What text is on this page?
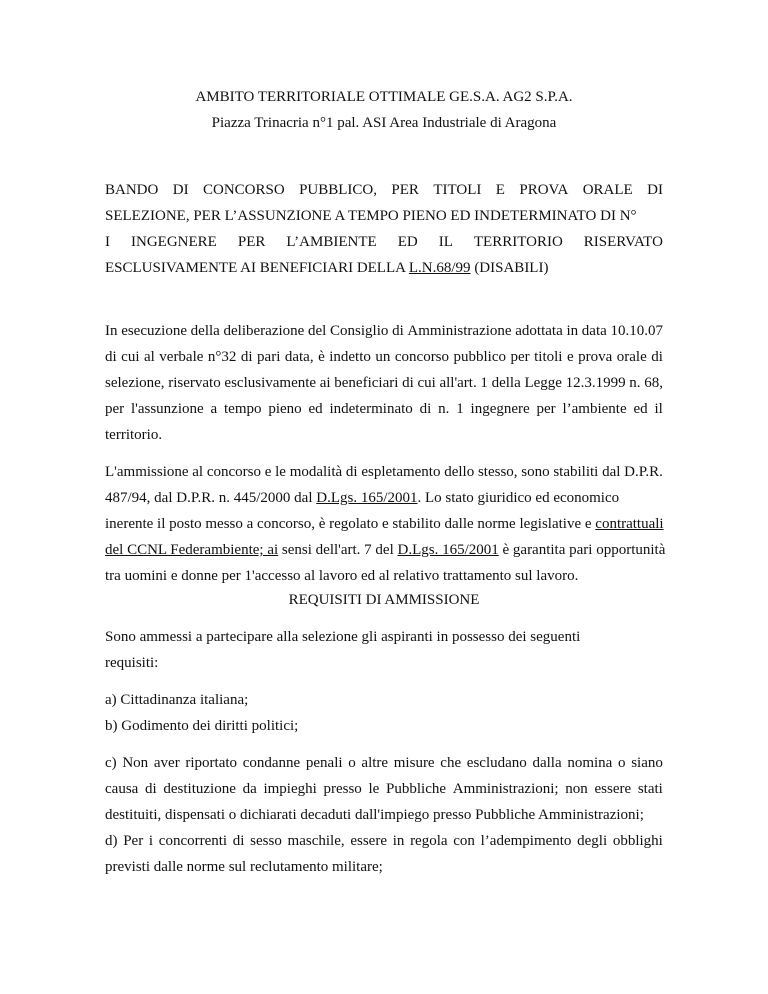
AMBITO TERRITORIALE OTTIMALE GE.S.A. AG2 S.P.A.
Piazza Trinacria n°1 pal. ASI Area Industriale di Aragona
BANDO DI CONCORSO PUBBLICO, PER TITOLI E PROVA ORALE DI
SELEZIONE, PER L’ASSUNZIONE A TEMPO PIENO ED INDETERMINATO DI N°
I INGEGNERE PER L’AMBIENTE ED IL TERRITORIO RISERVATO
ESCLUSIVAMENTE AI BENEFICIARI DELLA L.N.68/99 (DISABILI)
In esecuzione della deliberazione del Consiglio di Amministrazione adottata in data 10.10.07
di cui al verbale n°32 di pari data, è indetto un concorso pubblico per titoli e prova orale di
selezione, riservato esclusivamente ai beneficiari di cui all'art. 1 della Legge 12.3.1999 n. 68,
per l'assunzione a tempo pieno ed indeterminato di n. 1 ingegnere per l’ambiente ed il
territorio.
L'ammissione al concorso e le modalità di espletamento dello stesso, sono stabiliti dal D.P.R.
487/94, dal D.P.R. n. 445/2000 dal D.Lgs. 165/2001. Lo stato giuridico ed economico
inerente il posto messo a concorso, è regolato e stabilito dalle norme legislative e contrattuali
del CCNL Federambiente; ai sensi dell'art. 7 del D.Lgs. 165/2001 è garantita pari opportunità
tra uomini e donne per 1'accesso al lavoro ed al relativo trattamento sul lavoro.
REQUISITI DI AMMISSIONE
Sono ammessi a partecipare alla selezione gli aspiranti in possesso dei seguenti
requisiti:
a) Cittadinanza italiana;
b) Godimento dei diritti politici;
c) Non aver riportato condanne penali o altre misure che escludano dalla nomina o siano
causa di destituzione da impieghi presso le Pubbliche Amministrazioni; non essere stati
destituiti, dispensati o dichiarati decaduti dall'impiego presso Pubbliche Amministrazioni;
d) Per i concorrenti di sesso maschile, essere in regola con l’adempimento degli obblighi
previsti dalle norme sul reclutamento militare;
